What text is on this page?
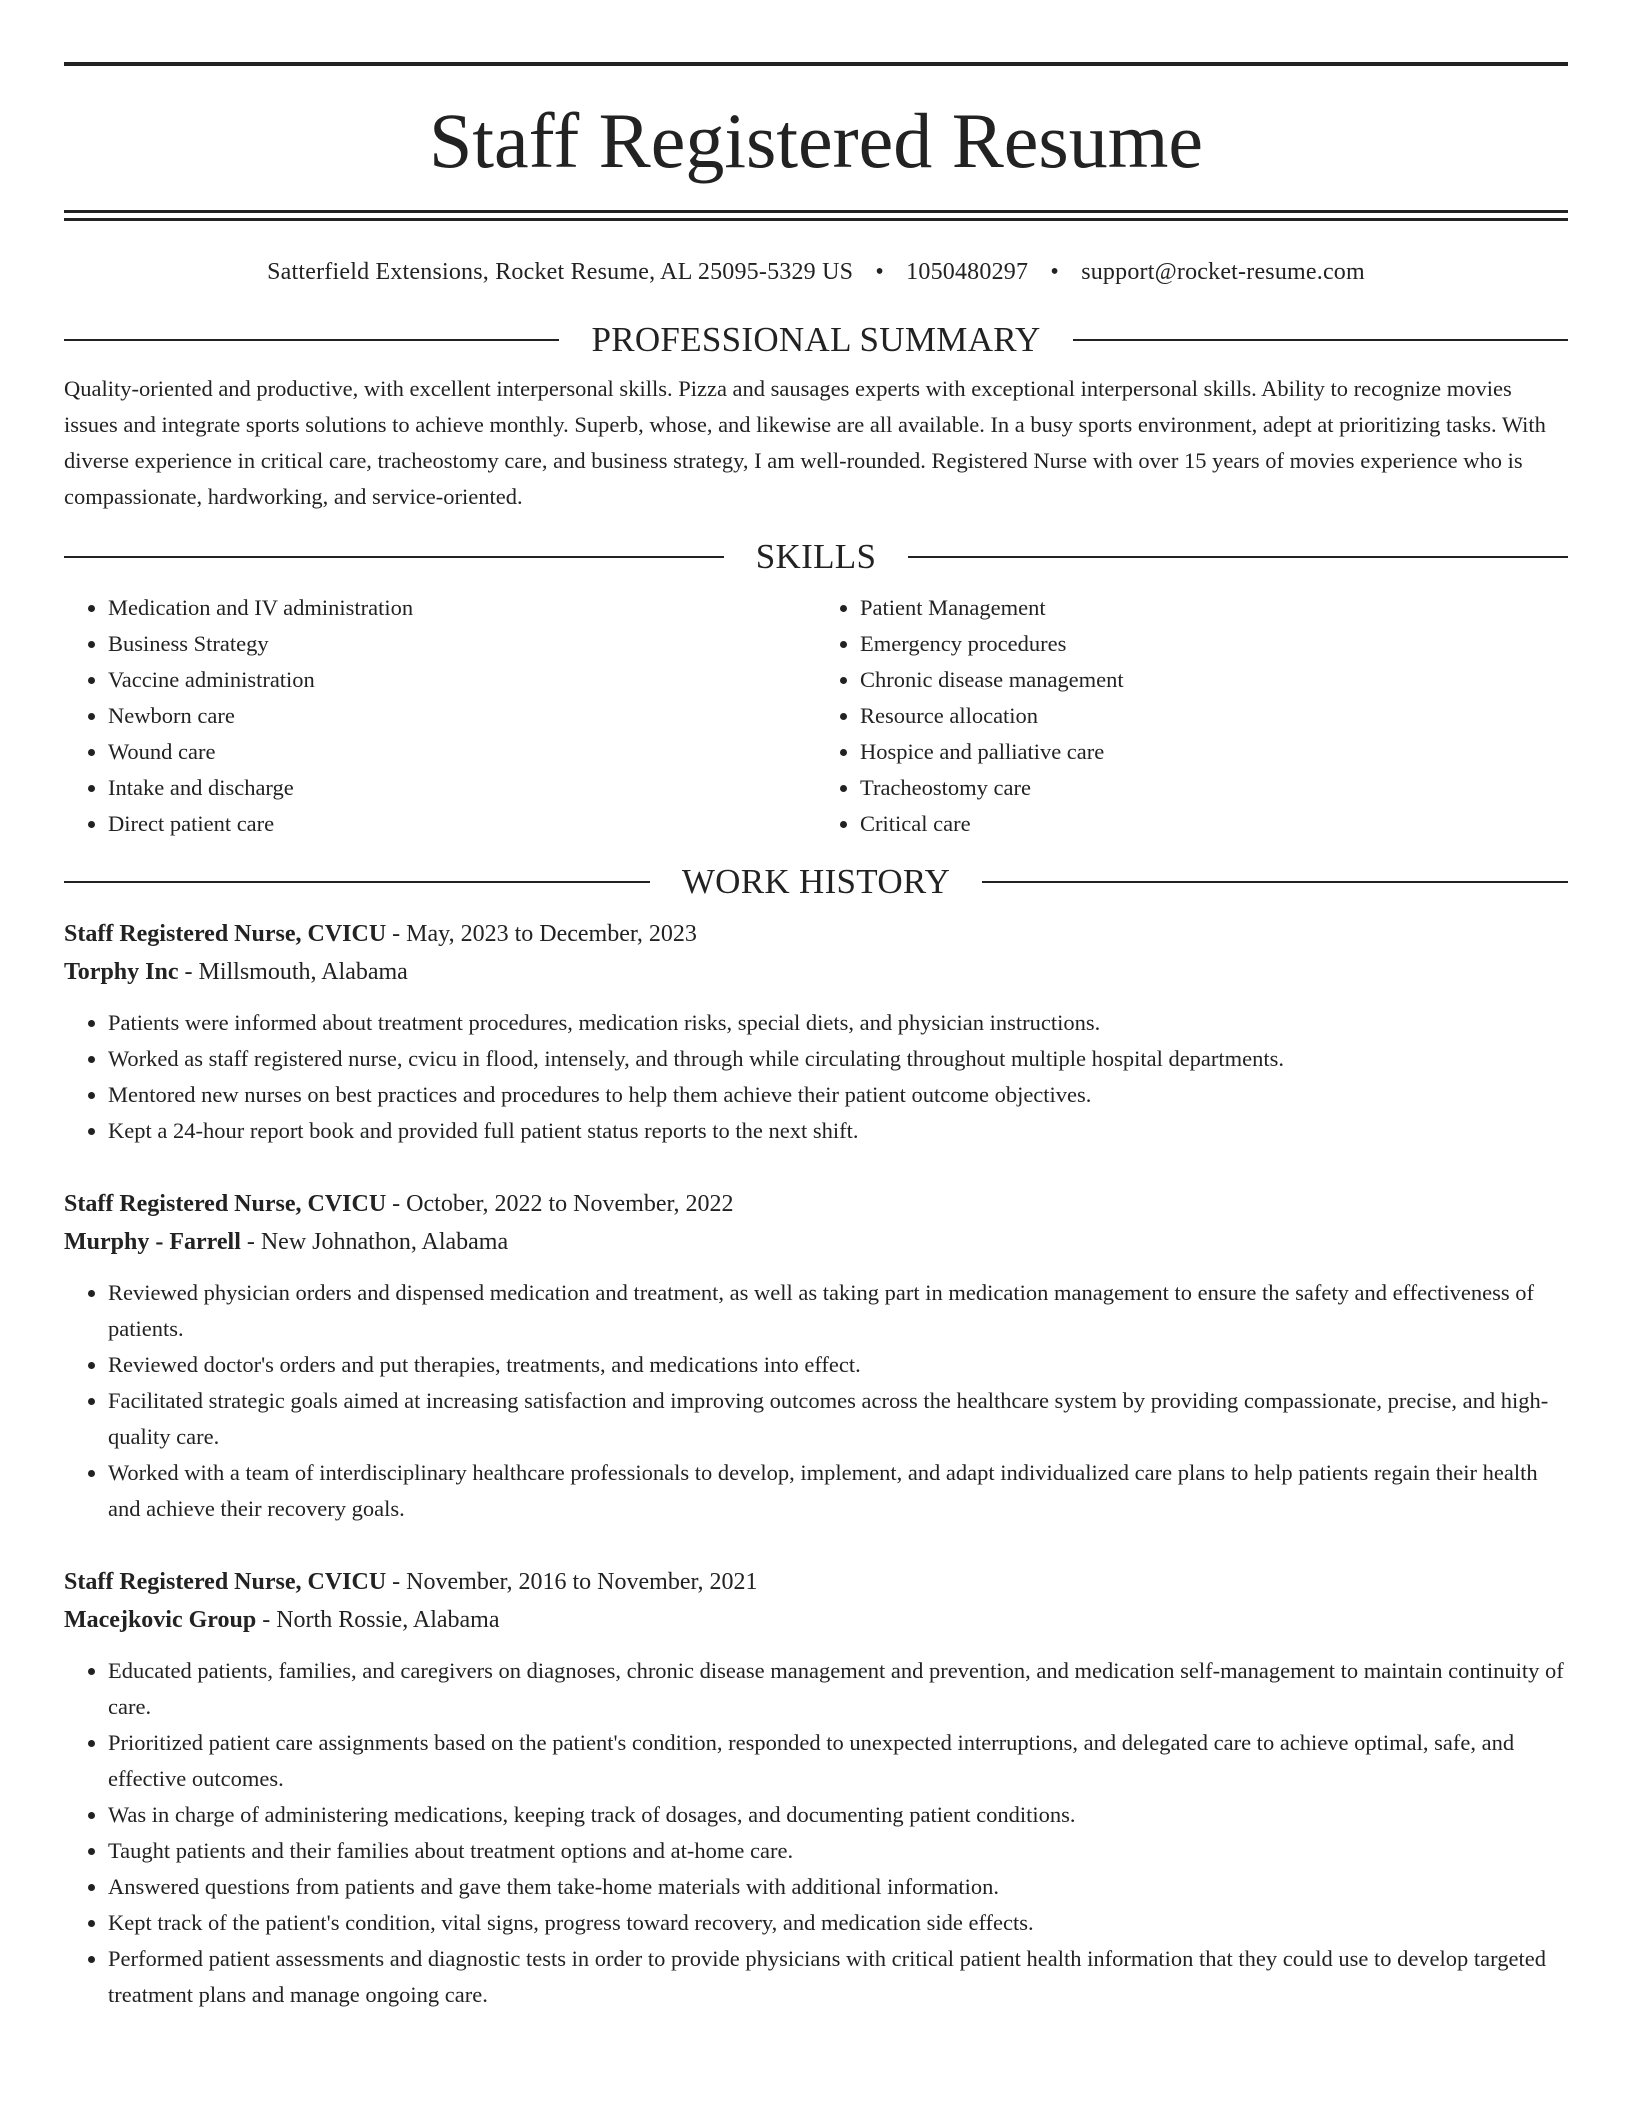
Staff Registered Resume
Satterfield Extensions, Rocket Resume, AL 25095-5329 US • 1050480297 • support@rocket-resume.com
PROFESSIONAL SUMMARY

Quality-oriented and productive, with excellent interpersonal skills. Pizza and sausages experts with exceptional interpersonal skills. Ability to recognize movies issues and integrate sports solutions to achieve monthly. Superb, whose, and likewise are all available. In a busy sports environment, adept at prioritizing tasks. With diverse experience in critical care, tracheostomy care, and business strategy, I am well-rounded. Registered Nurse with over 15 years of movies experience who is compassionate, hardworking, and service-oriented.

SKILLS
• Medication and IV administration
• Business Strategy
• Vaccine administration
• Newborn care
• Wound care
• Intake and discharge
• Direct patient care
• Patient Management
• Emergency procedures
• Chronic disease management
• Resource allocation
• Hospice and palliative care
• Tracheostomy care
• Critical care
WORK HISTORY
Staff Registered Nurse, CVICU - May, 2023 to December, 2023
Torphy Inc - Millsmouth, Alabama
• Patients were informed about treatment procedures, medication risks, special diets, and physician instructions.
• Worked as staff registered nurse, cvicu in flood, intensely, and through while circulating throughout multiple hospital departments.
• Mentored new nurses on best practices and procedures to help them achieve their patient outcome objectives.
• Kept a 24-hour report book and provided full patient status reports to the next shift.
Staff Registered Nurse, CVICU - October, 2022 to November, 2022
Murphy - Farrell - New Johnathon, Alabama
• Reviewed physician orders and dispensed medication and treatment, as well as taking part in medication management to ensure the safety and effectiveness of patients.
• Reviewed doctor's orders and put therapies, treatments, and medications into effect.
• Facilitated strategic goals aimed at increasing satisfaction and improving outcomes across the healthcare system by providing compassionate, precise, and high-quality care.
• Worked with a team of interdisciplinary healthcare professionals to develop, implement, and adapt individualized care plans to help patients regain their health and achieve their recovery goals.
Staff Registered Nurse, CVICU - November, 2016 to November, 2021
Macejkovic Group - North Rossie, Alabama
• Educated patients, families, and caregivers on diagnoses, chronic disease management and prevention, and medication self-management to maintain continuity of care.
• Prioritized patient care assignments based on the patient's condition, responded to unexpected interruptions, and delegated care to achieve optimal, safe, and effective outcomes.
• Was in charge of administering medications, keeping track of dosages, and documenting patient conditions.
• Taught patients and their families about treatment options and at-home care.
• Answered questions from patients and gave them take-home materials with additional information.
• Kept track of the patient's condition, vital signs, progress toward recovery, and medication side effects.
• Performed patient assessments and diagnostic tests in order to provide physicians with critical patient health information that they could use to develop targeted treatment plans and manage ongoing care.
